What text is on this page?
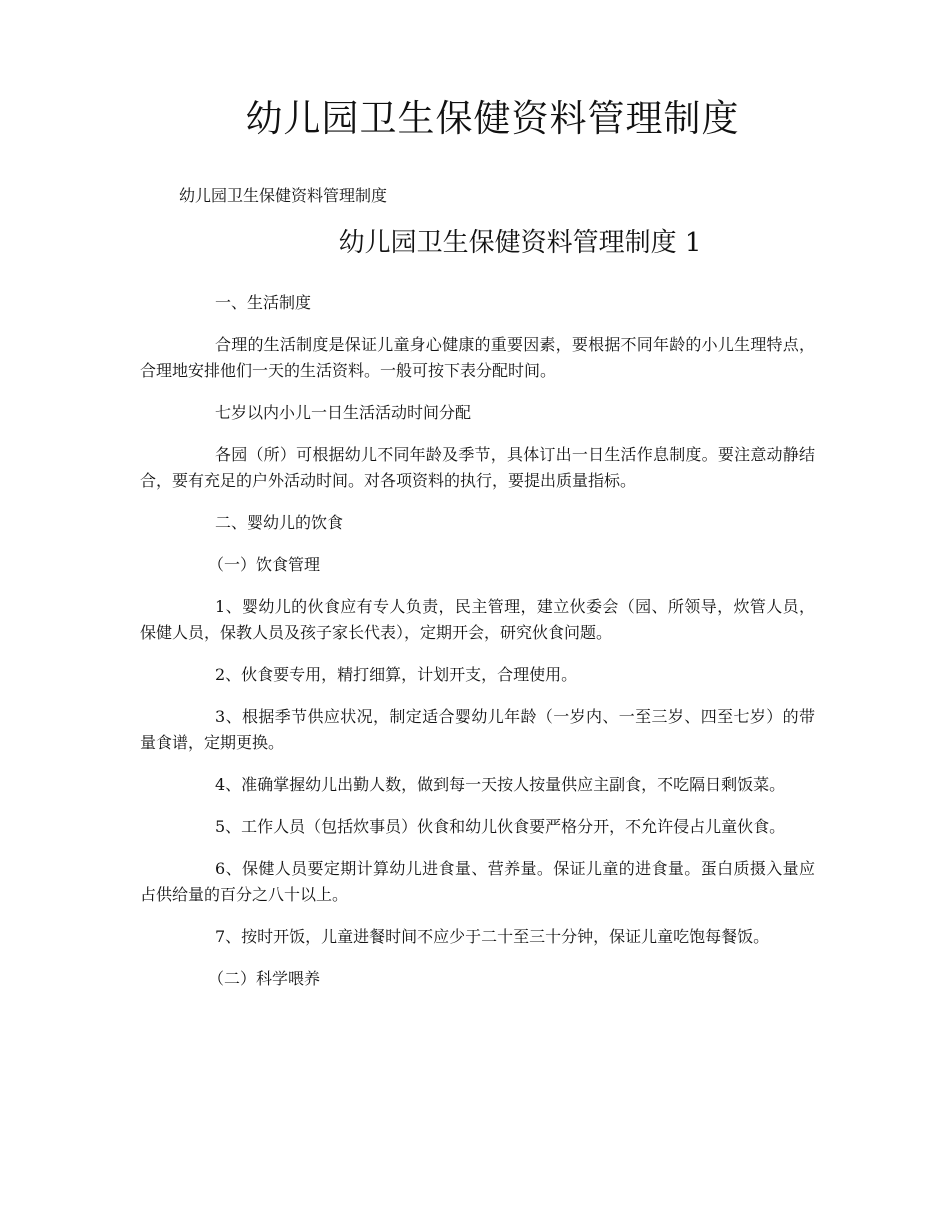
幼儿园卫生保健资料管理制度

幼儿园卫生保健资料管理制度

幼儿园卫生保健资料管理制度 1

一、生活制度

合理的生活制度是保证儿童身心健康的重要因素，要根据不同年龄的小儿生理特点，合理地安排他们一天的生活资料。一般可按下表分配时间。

七岁以内小儿一日生活活动时间分配

各园（所）可根据幼儿不同年龄及季节，具体订出一日生活作息制度。要注意动静结合，要有充足的户外活动时间。对各项资料的执行，要提出质量指标。

二、婴幼儿的饮食

（一）饮食管理

1、婴幼儿的伙食应有专人负责，民主管理，建立伙委会（园、所领导，炊管人员，保健人员，保教人员及孩子家长代表），定期开会，研究伙食问题。

2、伙食要专用，精打细算，计划开支，合理使用。

3、根据季节供应状况，制定适合婴幼儿年龄（一岁内、一至三岁、四至七岁）的带量食谱，定期更换。

4、准确掌握幼儿出勤人数，做到每一天按人按量供应主副食，不吃隔日剩饭菜。

5、工作人员（包括炊事员）伙食和幼儿伙食要严格分开，不允许侵占儿童伙食。

6、保健人员要定期计算幼儿进食量、营养量。保证儿童的进食量。蛋白质摄入量应占供给量的百分之八十以上。

7、按时开饭，儿童进餐时间不应少于二十至三十分钟，保证儿童吃饱每餐饭。

（二）科学喂养
